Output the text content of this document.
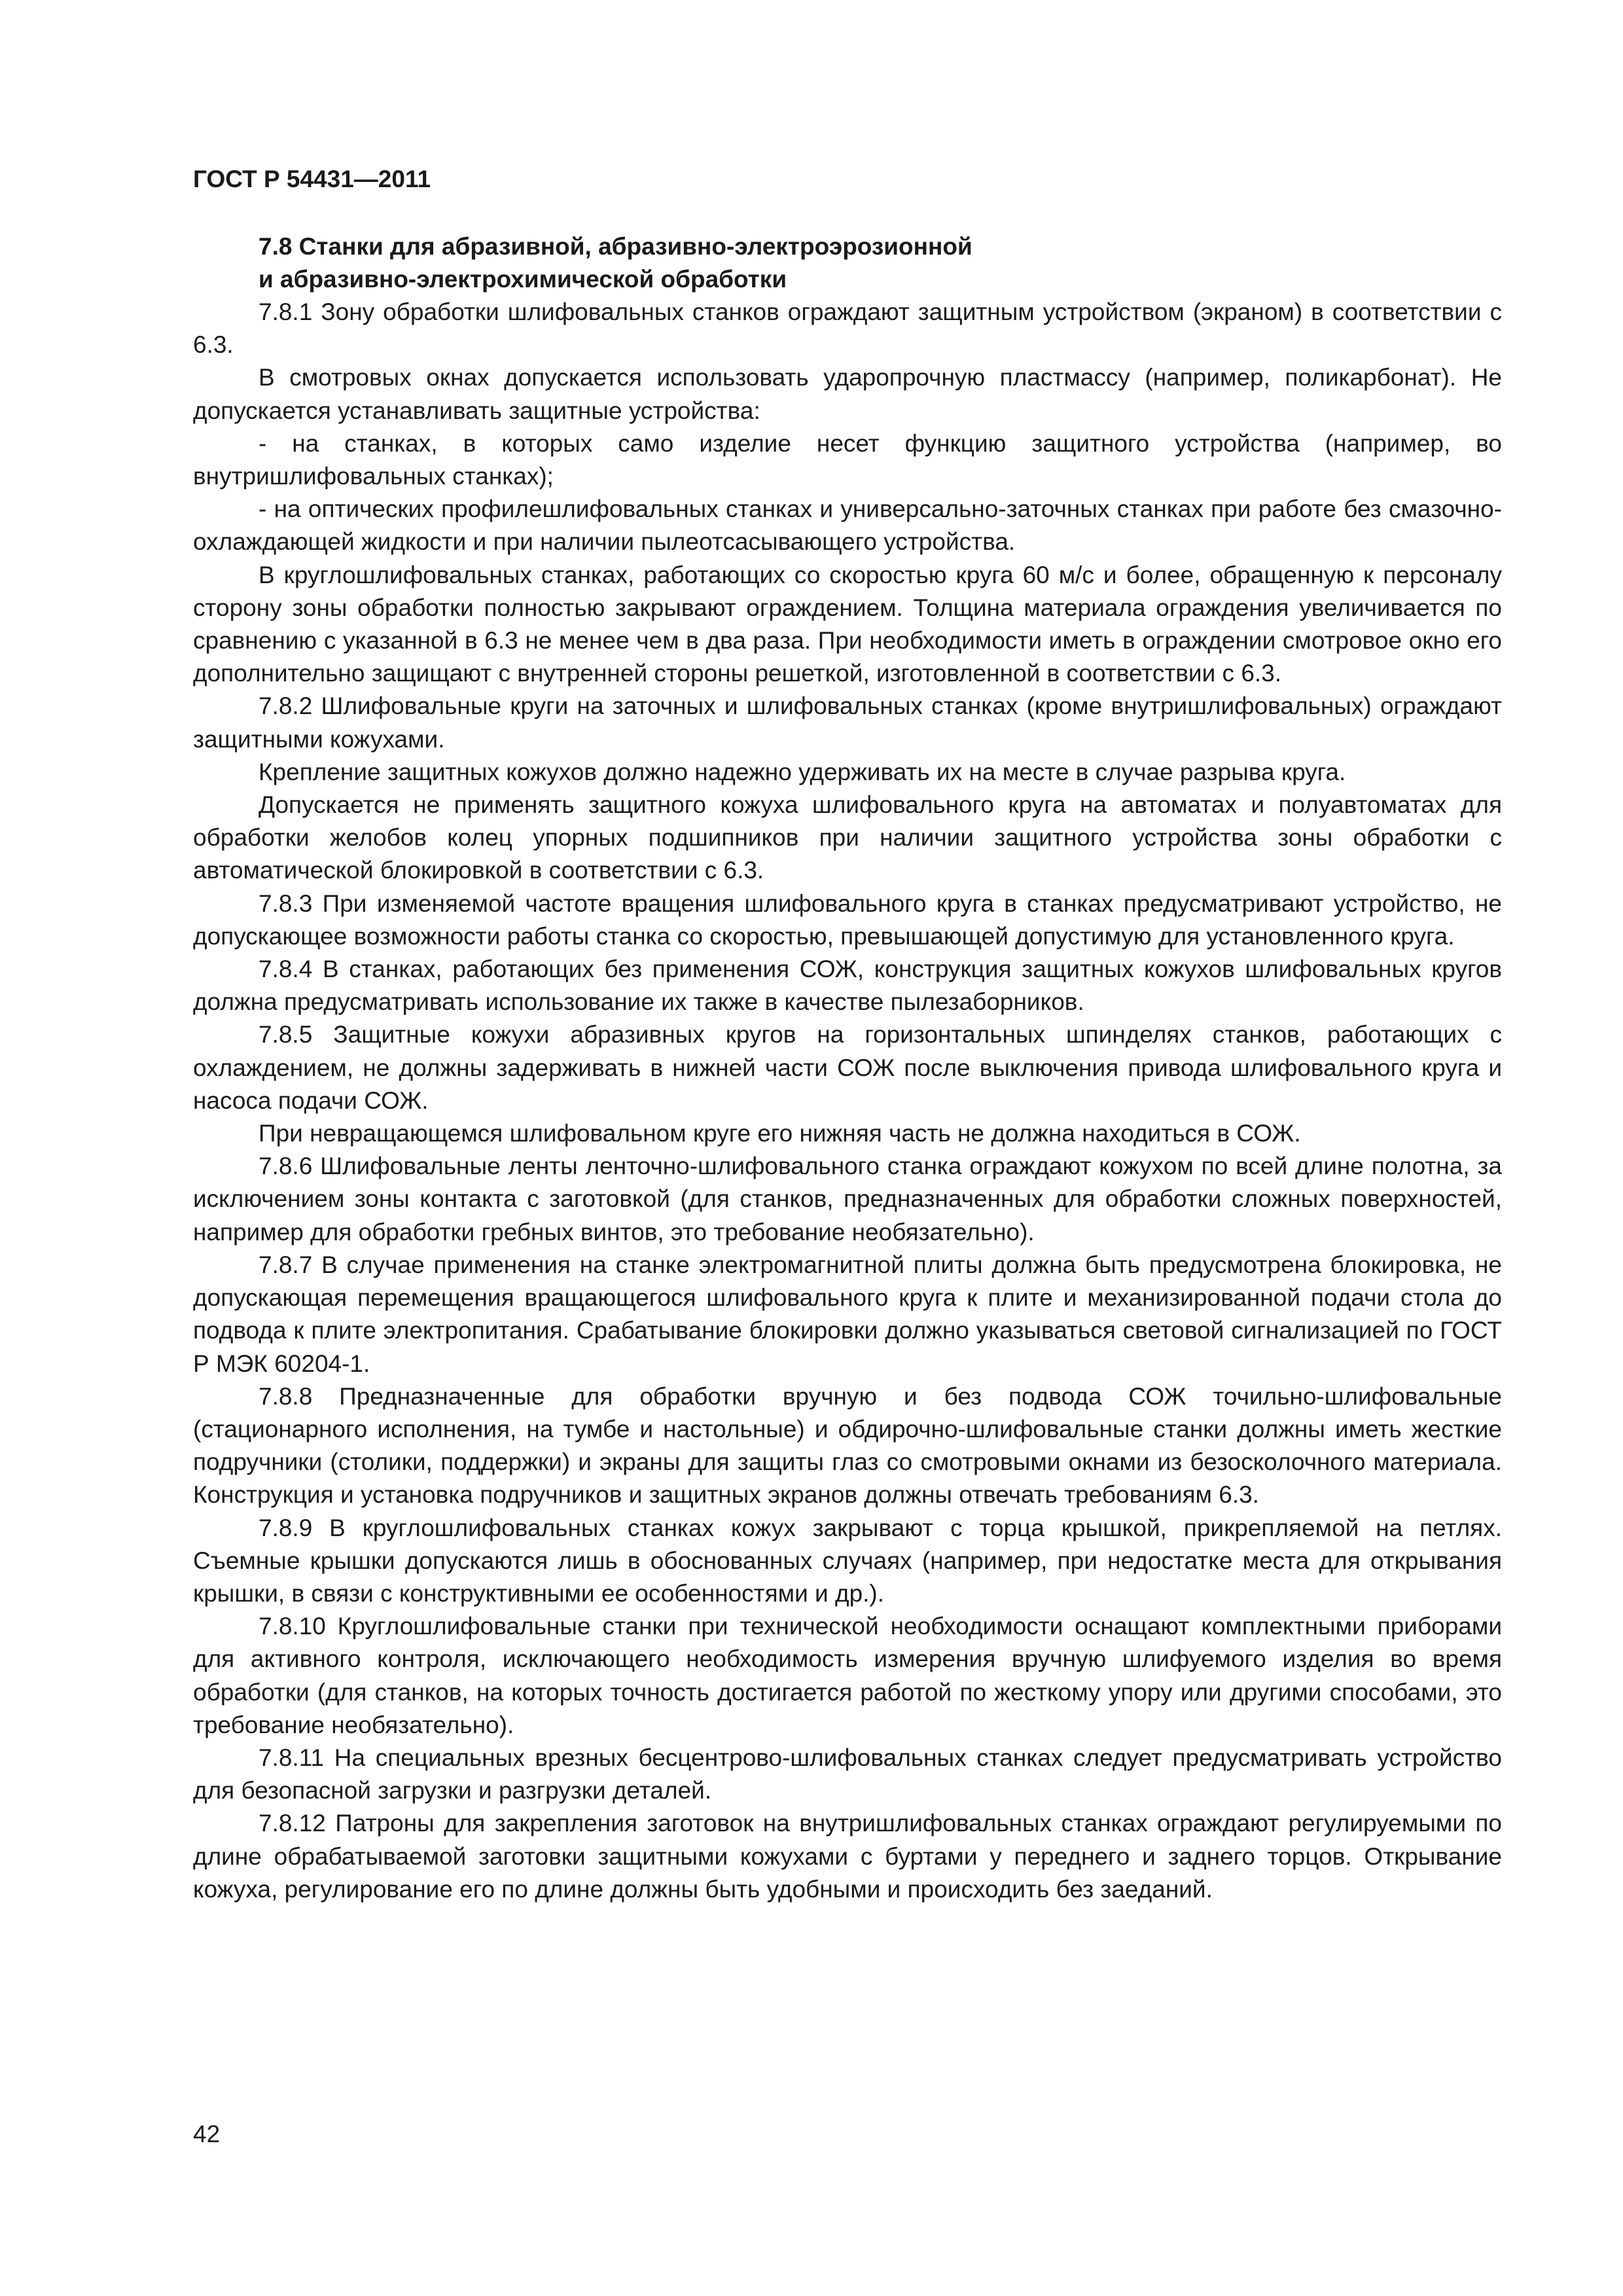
ГОСТ Р 54431—2011

7.8 Станки для абразивной, абразивно-электроэрозионной
и абразивно-электрохимической обработки

7.8.1 Зону обработки шлифовальных станков ограждают защитным устройством (экраном) в соответствии с 6.3.

В смотровых окнах допускается использовать ударопрочную пластмассу (например, поликарбонат). Не допускается устанавливать защитные устройства:

- на станках, в которых само изделие несет функцию защитного устройства (например, во внутришлифовальных станках);

- на оптических профилешлифовальных станках и универсально-заточных станках при работе без смазочно-охлаждающей жидкости и при наличии пылеотсасывающего устройства.

В круглошлифовальных станках, работающих со скоростью круга 60 м/с и более, обращенную к персоналу сторону зоны обработки полностью закрывают ограждением. Толщина материала ограждения увеличивается по сравнению с указанной в 6.3 не менее чем в два раза. При необходимости иметь в ограждении смотровое окно его дополнительно защищают с внутренней стороны решеткой, изготовленной в соответствии с 6.3.

7.8.2 Шлифовальные круги на заточных и шлифовальных станках (кроме внутришлифовальных) ограждают защитными кожухами.

Крепление защитных кожухов должно надежно удерживать их на месте в случае разрыва круга.

Допускается не применять защитного кожуха шлифовального круга на автоматах и полуавтоматах для обработки желобов колец упорных подшипников при наличии защитного устройства зоны обработки с автоматической блокировкой в соответствии с 6.3.

7.8.3 При изменяемой частоте вращения шлифовального круга в станках предусматривают устройство, не допускающее возможности работы станка со скоростью, превышающей допустимую для установленного круга.

7.8.4 В станках, работающих без применения СОЖ, конструкция защитных кожухов шлифовальных кругов должна предусматривать использование их также в качестве пылезаборников.

7.8.5 Защитные кожухи абразивных кругов на горизонтальных шпинделях станков, работающих с охлаждением, не должны задерживать в нижней части СОЖ после выключения привода шлифовального круга и насоса подачи СОЖ.

При невращающемся шлифовальном круге его нижняя часть не должна находиться в СОЖ.

7.8.6 Шлифовальные ленты ленточно-шлифовального станка ограждают кожухом по всей длине полотна, за исключением зоны контакта с заготовкой (для станков, предназначенных для обработки сложных поверхностей, например для обработки гребных винтов, это требование необязательно).

7.8.7 В случае применения на станке электромагнитной плиты должна быть предусмотрена блокировка, не допускающая перемещения вращающегося шлифовального круга к плите и механизированной подачи стола до подвода к плите электропитания. Срабатывание блокировки должно указываться световой сигнализацией по ГОСТ Р МЭК 60204-1.

7.8.8 Предназначенные для обработки вручную и без подвода СОЖ точильно-шлифовальные (стационарного исполнения, на тумбе и настольные) и обдирочно-шлифовальные станки должны иметь жесткие подручники (столики, поддержки) и экраны для защиты глаз со смотровыми окнами из безосколочного материала. Конструкция и установка подручников и защитных экранов должны отвечать требованиям 6.3.

7.8.9 В круглошлифовальных станках кожух закрывают с торца крышкой, прикрепляемой на петлях. Съемные крышки допускаются лишь в обоснованных случаях (например, при недостатке места для открывания крышки, в связи с конструктивными ее особенностями и др.).

7.8.10 Круглошлифовальные станки при технической необходимости оснащают комплектными приборами для активного контроля, исключающего необходимость измерения вручную шлифуемого изделия во время обработки (для станков, на которых точность достигается работой по жесткому упору или другими способами, это требование необязательно).

7.8.11 На специальных врезных бесцентрово-шлифовальных станках следует предусматривать устройство для безопасной загрузки и разгрузки деталей.

7.8.12 Патроны для закрепления заготовок на внутришлифовальных станках ограждают регулируемыми по длине обрабатываемой заготовки защитными кожухами с буртами у переднего и заднего торцов. Открывание кожуха, регулирование его по длине должны быть удобными и происходить без заеданий.

42
